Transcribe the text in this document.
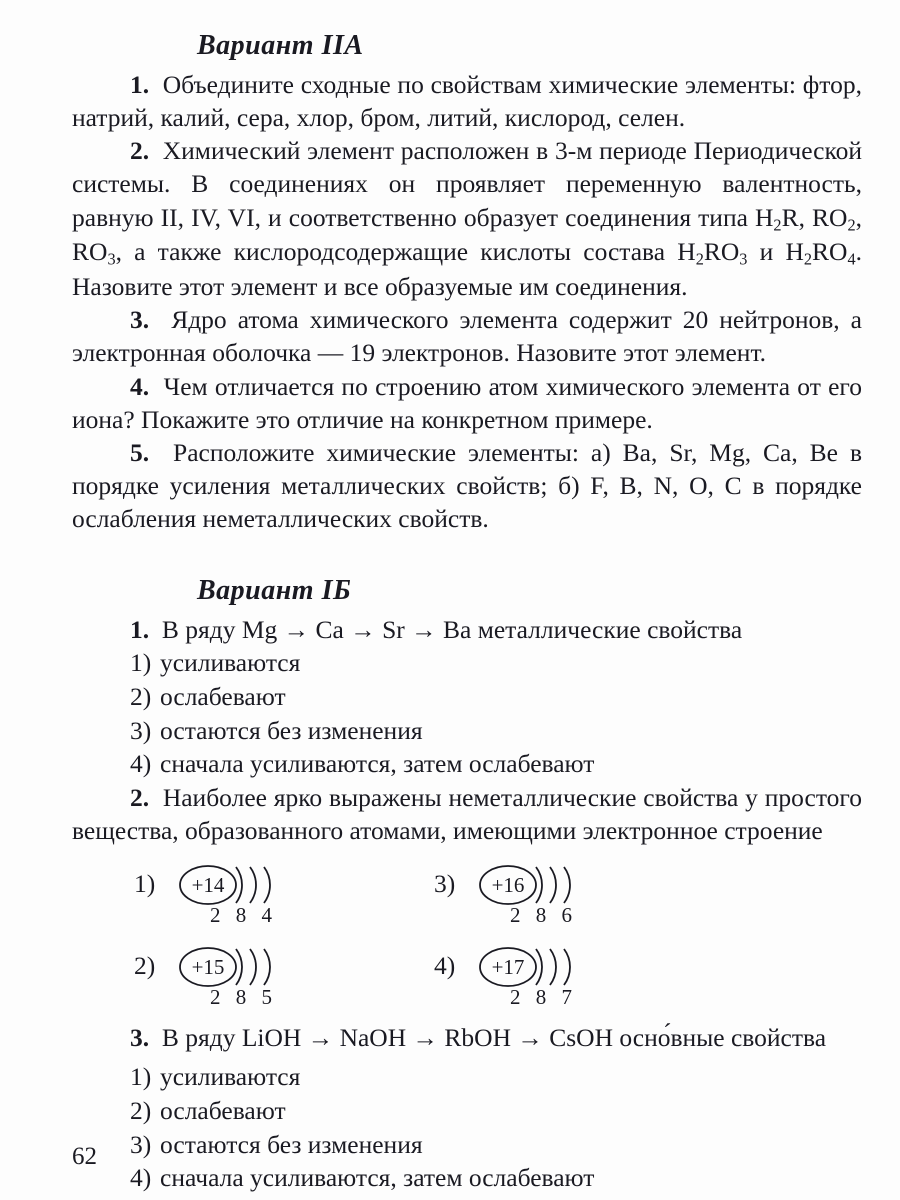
Вариант IIА

1. Объедините сходные по свойствам химические элементы: фтор, натрий, калий, сера, хлор, бром, литий, кислород, селен.

2. Химический элемент расположен в 3-м периоде Периодической системы. В соединениях он проявляет переменную валентность, равную II, IV, VI, и соответственно образует соединения типа $H_2R$, $RO_2$, $RO_3$, а также кислородсодержащие кислоты состава $H_2RO_3$ и $H_2RO_4$. Назовите этот элемент и все образуемые им соединения.

3. Ядро атома химического элемента содержит 20 нейтронов, а электронная оболочка — 19 электронов. Назовите этот элемент.

4. Чем отличается по строению атом химического элемента от его иона? Покажите это отличие на конкретном примере.

5. Расположите химические элементы: а) Ba, Sr, Mg, Ca, Be в порядке усиления металлических свойств; б) F, B, N, O, C в порядке ослабления неметаллических свойств.

Вариант IБ

1. В ряду Mg → Ca → Sr → Ba металлические свойства

1) усиливаются
2) ослабевают
3) остаются без изменения
4) сначала усиливаются, затем ослабевают

2. Наиболее ярко выражены неметаллические свойства у простого вещества, образованного атомами, имеющими электронное строение

1)	+14
2 8 4
3)	+16
2 8 6
2)	+15
2 8 5
4)	+17
2 8 7

3. В ряду LiOH → NaOH → RbOH → CsOH осно́вные свойства

1) усиливаются
2) ослабевают
3) остаются без изменения
4) сначала усиливаются, затем ослабевают
62
